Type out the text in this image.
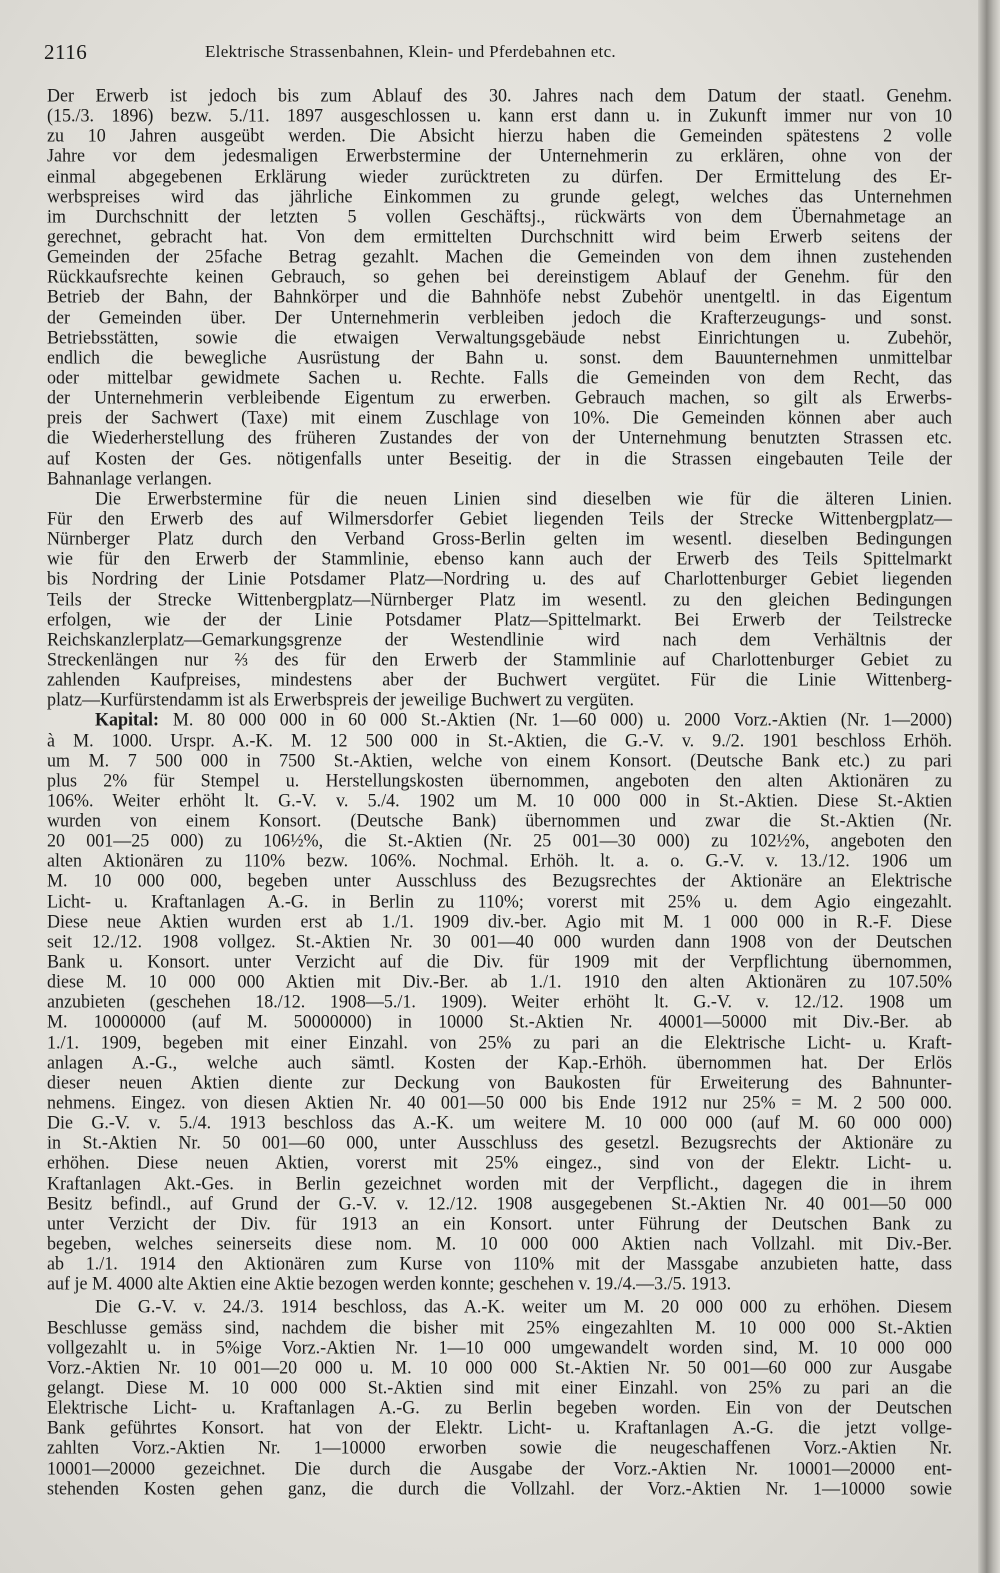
2116	Elektrische Strassenbahnen, Klein- und Pferdebahnen etc.
Der Erwerb ist jedoch bis zum Ablauf des 30. Jahres nach dem Datum der staatl. Genehm.
(15./3. 1896) bezw. 5./11. 1897 ausgeschlossen u. kann erst dann u. in Zukunft immer nur von 10
zu 10 Jahren ausgeübt werden. Die Absicht hierzu haben die Gemeinden spätestens 2 volle
Jahre vor dem jedesmaligen Erwerbstermine der Unternehmerin zu erklären, ohne von der
einmal abgegebenen Erklärung wieder zurücktreten zu dürfen. Der Ermittelung des Er-
werbspreises wird das jährliche Einkommen zu grunde gelegt, welches das Unternehmen
im Durchschnitt der letzten 5 vollen Geschäftsj., rückwärts von dem Übernahmetage an
gerechnet, gebracht hat. Von dem ermittelten Durchschnitt wird beim Erwerb seitens der
Gemeinden der 25fache Betrag gezahlt. Machen die Gemeinden von dem ihnen zustehenden
Rückkaufsrechte keinen Gebrauch, so gehen bei dereinstigem Ablauf der Genehm. für den
Betrieb der Bahn, der Bahnkörper und die Bahnhöfe nebst Zubehör unentgeltl. in das Eigentum
der Gemeinden über. Der Unternehmerin verbleiben jedoch die Krafterzeugungs- und sonst.
Betriebsstätten, sowie die etwaigen Verwaltungsgebäude nebst Einrichtungen u. Zubehör,
endlich die bewegliche Ausrüstung der Bahn u. sonst. dem Bauunternehmen unmittelbar
oder mittelbar gewidmete Sachen u. Rechte. Falls die Gemeinden von dem Recht, das
der Unternehmerin verbleibende Eigentum zu erwerben. Gebrauch machen, so gilt als Erwerbs-
preis der Sachwert (Taxe) mit einem Zuschlage von 10%. Die Gemeinden können aber auch
die Wiederherstellung des früheren Zustandes der von der Unternehmung benutzten Strassen etc.
auf Kosten der Ges. nötigenfalls unter Beseitig. der in die Strassen eingebauten Teile der
Bahnanlage verlangen.
Die Erwerbstermine für die neuen Linien sind dieselben wie für die älteren Linien.
Für den Erwerb des auf Wilmersdorfer Gebiet liegenden Teils der Strecke Wittenbergplatz—
Nürnberger Platz durch den Verband Gross-Berlin gelten im wesentl. dieselben Bedingungen
wie für den Erwerb der Stammlinie, ebenso kann auch der Erwerb des Teils Spittelmarkt
bis Nordring der Linie Potsdamer Platz—Nordring u. des auf Charlottenburger Gebiet liegenden
Teils der Strecke Wittenbergplatz—Nürnberger Platz im wesentl. zu den gleichen Bedingungen
erfolgen, wie der der Linie Potsdamer Platz—Spittelmarkt. Bei Erwerb der Teilstrecke
Reichskanzlerplatz—Gemarkungsgrenze der Westendlinie wird nach dem Verhältnis der
Streckenlängen nur ⅔ des für den Erwerb der Stammlinie auf Charlottenburger Gebiet zu
zahlenden Kaufpreises, mindestens aber der Buchwert vergütet. Für die Linie Wittenberg-
platz—Kurfürstendamm ist als Erwerbspreis der jeweilige Buchwert zu vergüten.
Kapital: M. 80 000 000 in 60 000 St.-Aktien (Nr. 1—60 000) u. 2000 Vorz.-Aktien (Nr. 1—2000)
à M. 1000. Urspr. A.-K. M. 12 500 000 in St.-Aktien, die G.-V. v. 9./2. 1901 beschloss Erhöh.
um M. 7 500 000 in 7500 St.-Aktien, welche von einem Konsort. (Deutsche Bank etc.) zu pari
plus 2% für Stempel u. Herstellungskosten übernommen, angeboten den alten Aktionären zu
106%. Weiter erhöht lt. G.-V. v. 5./4. 1902 um M. 10 000 000 in St.-Aktien. Diese St.-Aktien
wurden von einem Konsort. (Deutsche Bank) übernommen und zwar die St.-Aktien (Nr.
20 001—25 000) zu 106½%, die St.-Aktien (Nr. 25 001—30 000) zu 102½%, angeboten den
alten Aktionären zu 110% bezw. 106%. Nochmal. Erhöh. lt. a. o. G.-V. v. 13./12. 1906 um
M. 10 000 000, begeben unter Ausschluss des Bezugsrechtes der Aktionäre an Elektrische
Licht- u. Kraftanlagen A.-G. in Berlin zu 110%; vorerst mit 25% u. dem Agio eingezahlt.
Diese neue Aktien wurden erst ab 1./1. 1909 div.-ber. Agio mit M. 1 000 000 in R.-F. Diese
seit 12./12. 1908 vollgez. St.-Aktien Nr. 30 001—40 000 wurden dann 1908 von der Deutschen
Bank u. Konsort. unter Verzicht auf die Div. für 1909 mit der Verpflichtung übernommen,
diese M. 10 000 000 Aktien mit Div.-Ber. ab 1./1. 1910 den alten Aktionären zu 107.50%
anzubieten (geschehen 18./12. 1908—5./1. 1909). Weiter erhöht lt. G.-V. v. 12./12. 1908 um
M. 10000000 (auf M. 50000000) in 10000 St.-Aktien Nr. 40001—50000 mit Div.-Ber. ab
1./1. 1909, begeben mit einer Einzahl. von 25% zu pari an die Elektrische Licht- u. Kraft-
anlagen A.-G., welche auch sämtl. Kosten der Kap.-Erhöh. übernommen hat. Der Erlös
dieser neuen Aktien diente zur Deckung von Baukosten für Erweiterung des Bahnunter-
nehmens. Eingez. von diesen Aktien Nr. 40 001—50 000 bis Ende 1912 nur 25% = M. 2 500 000.
Die G.-V. v. 5./4. 1913 beschloss das A.-K. um weitere M. 10 000 000 (auf M. 60 000 000)
in St.-Aktien Nr. 50 001—60 000, unter Ausschluss des gesetzl. Bezugsrechts der Aktionäre zu
erhöhen. Diese neuen Aktien, vorerst mit 25% eingez., sind von der Elektr. Licht- u.
Kraftanlagen Akt.-Ges. in Berlin gezeichnet worden mit der Verpflicht., dagegen die in ihrem
Besitz befindl., auf Grund der G.-V. v. 12./12. 1908 ausgegebenen St.-Aktien Nr. 40 001—50 000
unter Verzicht der Div. für 1913 an ein Konsort. unter Führung der Deutschen Bank zu
begeben, welches seinerseits diese nom. M. 10 000 000 Aktien nach Vollzahl. mit Div.-Ber.
ab 1./1. 1914 den Aktionären zum Kurse von 110% mit der Massgabe anzubieten hatte, dass
auf je M. 4000 alte Aktien eine Aktie bezogen werden konnte; geschehen v. 19./4.—3./5. 1913.
Die G.-V. v. 24./3. 1914 beschloss, das A.-K. weiter um M. 20 000 000 zu erhöhen. Diesem
Beschlusse gemäss sind, nachdem die bisher mit 25% eingezahlten M. 10 000 000 St.-Aktien
vollgezahlt u. in 5%ige Vorz.-Aktien Nr. 1—10 000 umgewandelt worden sind, M. 10 000 000
Vorz.-Aktien Nr. 10 001—20 000 u. M. 10 000 000 St.-Aktien Nr. 50 001—60 000 zur Ausgabe
gelangt. Diese M. 10 000 000 St.-Aktien sind mit einer Einzahl. von 25% zu pari an die
Elektrische Licht- u. Kraftanlagen A.-G. zu Berlin begeben worden. Ein von der Deutschen
Bank geführtes Konsort. hat von der Elektr. Licht- u. Kraftanlagen A.-G. die jetzt vollge-
zahlten Vorz.-Aktien Nr. 1—10000 erworben sowie die neugeschaffenen Vorz.-Aktien Nr.
10001—20000 gezeichnet. Die durch die Ausgabe der Vorz.-Aktien Nr. 10001—20000 ent-
stehenden Kosten gehen ganz, die durch die Vollzahl. der Vorz.-Aktien Nr. 1—10000 sowie
